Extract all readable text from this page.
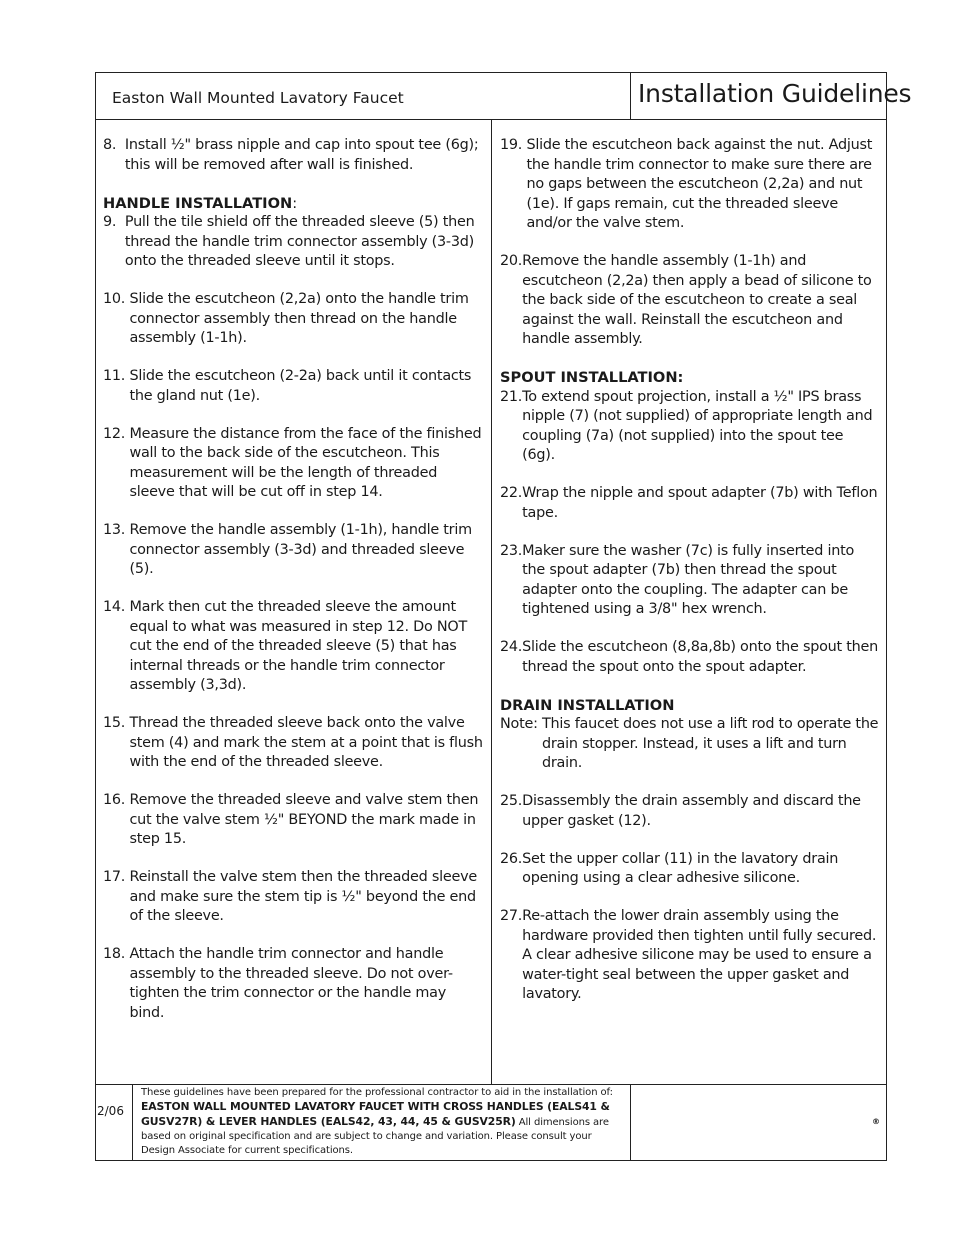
Easton Wall Mounted Lavatory Faucet	Installation Guidelines
8. Install ½" brass nipple and cap into spout tee (6g); this will be removed after wall is finished.
HANDLE INSTALLATION:
9. Pull the tile shield off the threaded sleeve (5) then thread the handle trim connector assembly (3-3d) onto the threaded sleeve until it stops.
10. Slide the escutcheon (2,2a) onto the handle trim connector assembly then thread on the handle assembly (1-1h).
11. Slide the escutcheon (2-2a) back until it contacts the gland nut (1e).
12. Measure the distance from the face of the finished wall to the back side of the escutcheon. This measurement will be the length of threaded sleeve that will be cut off in step 14.
13. Remove the handle assembly (1-1h), handle trim connector assembly (3-3d) and threaded sleeve (5).
14. Mark then cut the threaded sleeve the amount equal to what was measured in step 12. Do NOT cut the end of the threaded sleeve (5) that has internal threads or the handle trim connector assembly (3,3d).
15. Thread the threaded sleeve back onto the valve stem (4) and mark the stem at a point that is flush with the end of the threaded sleeve.
16. Remove the threaded sleeve and valve stem then cut the valve stem ½" BEYOND the mark made in step 15.
17. Reinstall the valve stem then the threaded sleeve and make sure the stem tip is ½" beyond the end of the sleeve.
18. Attach the handle trim connector and handle assembly to the threaded sleeve. Do not over-tighten the trim connector or the handle may bind.
19. Slide the escutcheon back against the nut. Adjust the handle trim connector to make sure there are no gaps between the escutcheon (2,2a) and nut (1e). If gaps remain, cut the threaded sleeve and/or the valve stem.
20. Remove the handle assembly (1-1h) and escutcheon (2,2a) then apply a bead of silicone to the back side of the escutcheon to create a seal against the wall. Reinstall the escutcheon and handle assembly.
SPOUT INSTALLATION:
21. To extend spout projection, install a ½" IPS brass nipple (7) (not supplied) of appropriate length and coupling (7a) (not supplied) into the spout tee (6g).
22. Wrap the nipple and spout adapter (7b) with Teflon tape.
23. Maker sure the washer (7c) is fully inserted into the spout adapter (7b) then thread the spout adapter onto the coupling. The adapter can be tightened using a 3/8" hex wrench.
24. Slide the escutcheon (8,8a,8b) onto the spout then thread the spout onto the spout adapter.
DRAIN INSTALLATION
Note: This faucet does not use a lift rod to operate the drain stopper. Instead, it uses a lift and turn drain.
25. Disassembly the drain assembly and discard the upper gasket (12).
26. Set the upper collar (11) in the lavatory drain opening using a clear adhesive silicone.
27. Re-attach the lower drain assembly using the hardware provided then tighten until fully secured. A clear adhesive silicone may be used to ensure a water-tight seal between the upper gasket and lavatory.
2/06
These guidelines have been prepared for the professional contractor to aid in the installation of:
EASTON WALL MOUNTED LAVATORY FAUCET WITH CROSS HANDLES (EALS41 & GUSV27R) & LEVER HANDLES (EALS42, 43, 44, 45 & GUSV25R) All dimensions are based on original specification and are subject to change and variation. Please consult your Design Associate for current specifications.
®
